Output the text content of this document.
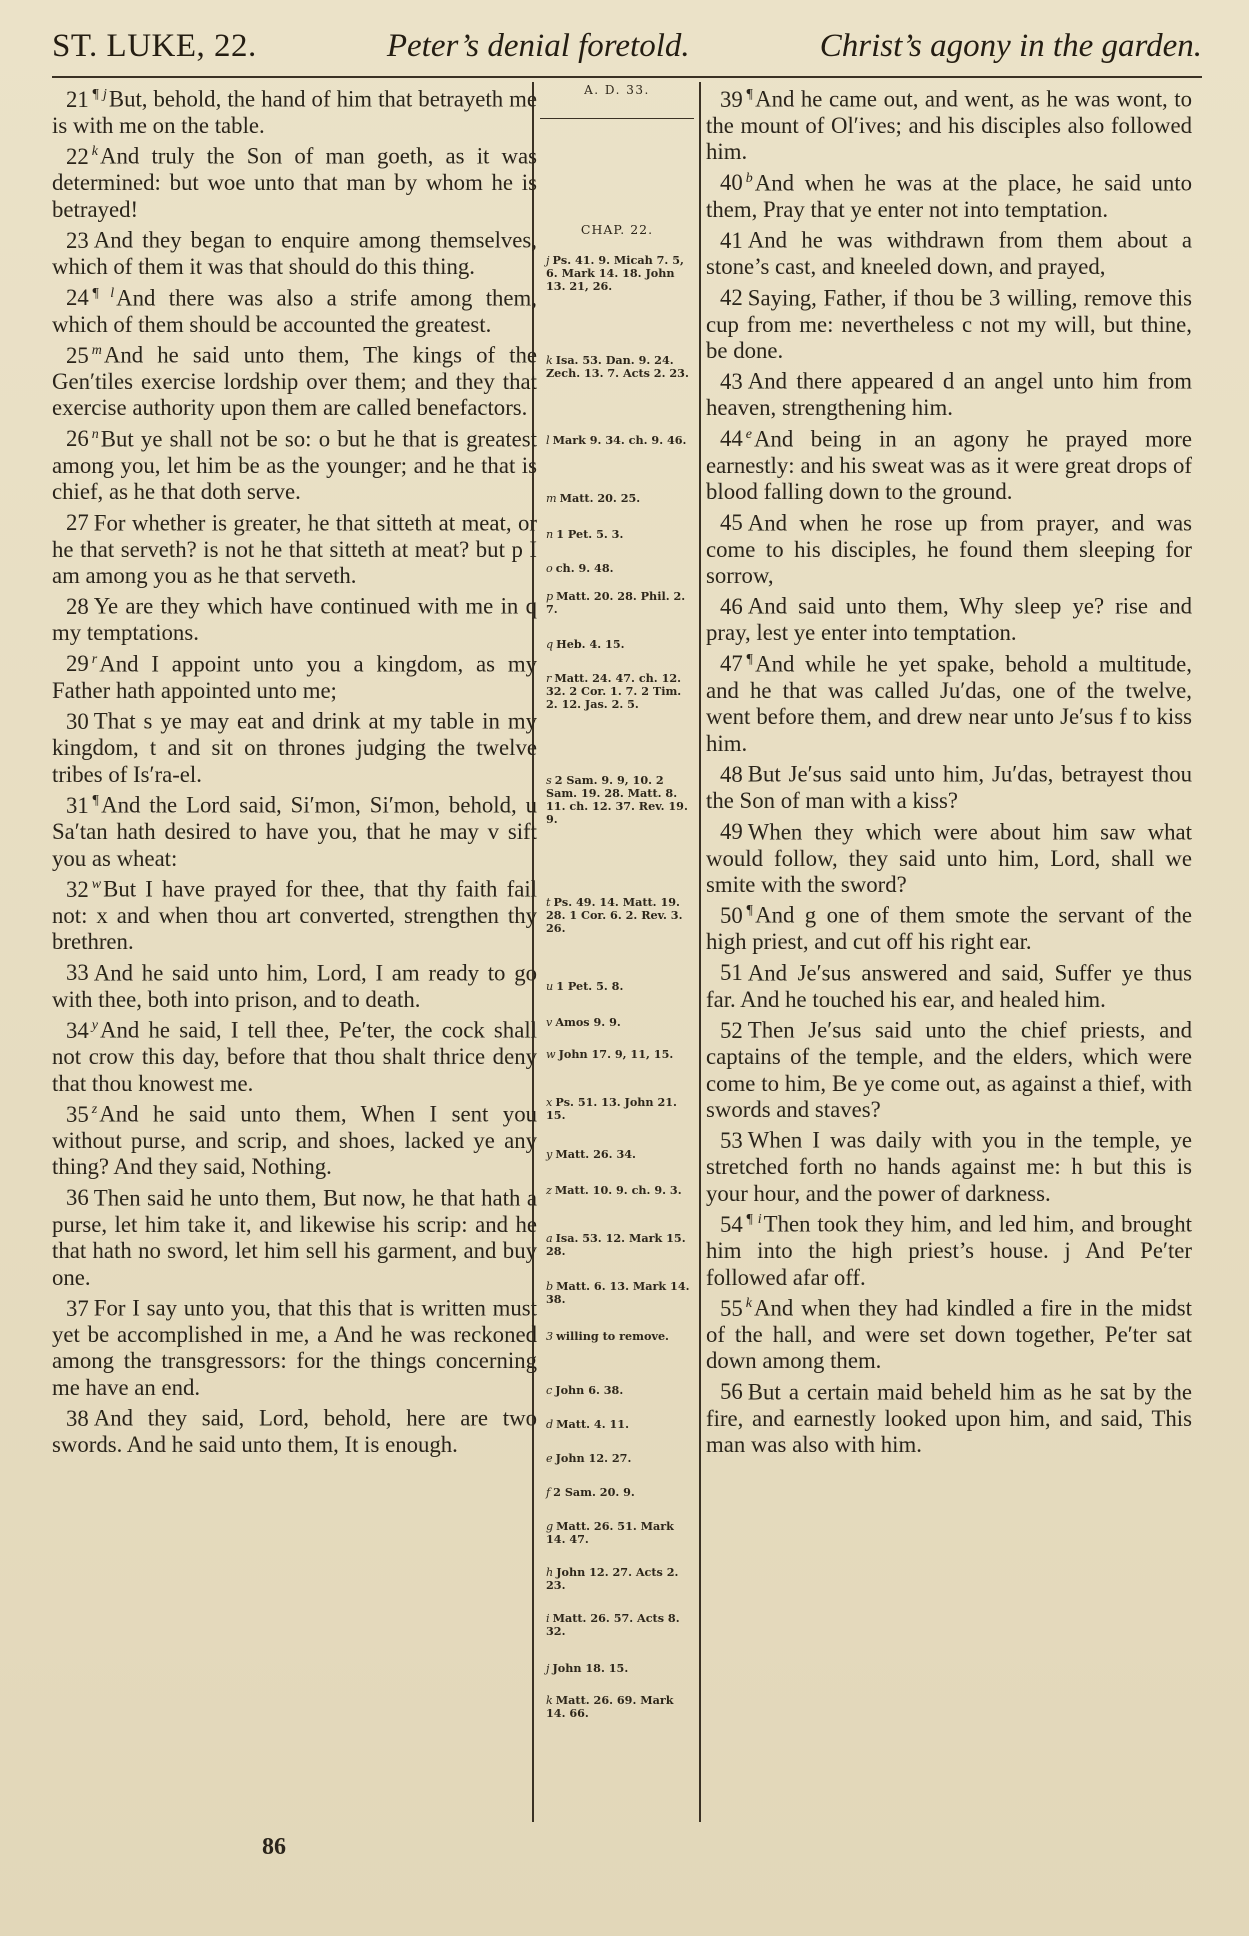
ST. LUKE, 22.	Peter’s denial foretold.	Christ’s agony in the garden.

21 $^{\P j}$But, behold, the hand of him that betrayeth me is with me on the table.

22 $^k$And truly the Son of man goeth, as it was determined: but woe unto that man by whom he is betrayed!

23 And they began to enquire among themselves, which of them it was that should do this thing.

24 $^{\P l}$And there was also a strife among them, which of them should be accounted the greatest.

25 $^m$And he said unto them, The kings of the Gen′tiles exercise lordship over them; and they that exercise authority upon them are called benefactors.

26 $^n$But ye shall not be so: o but he that is greatest among you, let him be as the younger; and he that is chief, as he that doth serve.

27 For whether is greater, he that sitteth at meat, or he that serveth? is not he that sitteth at meat? but p I am among you as he that serveth.

28 Ye are they which have continued with me in q my temptations.

29 $^r$And I appoint unto you a kingdom, as my Father hath appointed unto me;

30 That s ye may eat and drink at my table in my kingdom, t and sit on thrones judging the twelve tribes of Is′ra-el.

31 ¶And the Lord said, Si′mon, Si′mon, behold, u Sa′tan hath desired to have you, that he may v sift you as wheat:

32 $^w$But I have prayed for thee, that thy faith fail not: x and when thou art converted, strengthen thy brethren.

33 And he said unto him, Lord, I am ready to go with thee, both into prison, and to death.

34 $^y$And he said, I tell thee, Pe′ter, the cock shall not crow this day, before that thou shalt thrice deny that thou knowest me.

35 $^z$And he said unto them, When I sent you without purse, and scrip, and shoes, lacked ye any thing? And they said, Nothing.

36 Then said he unto them, But now, he that hath a purse, let him take it, and likewise his scrip: and he that hath no sword, let him sell his garment, and buy one.

37 For I say unto you, that this that is written must yet be accomplished in me, a And he was reckoned among the transgressors: for the things concerning me have an end.

38 And they said, Lord, behold, here are two swords. And he said unto them, It is enough.

A. D. 33.
CHAP. 22.
j Ps. 41. 9. Micah 7. 5, 6. Mark 14. 18. John 13. 21, 26.
k Isa. 53. Dan. 9. 24. Zech. 13. 7. Acts 2. 23.
l Mark 9. 34. ch. 9. 46.
m Matt. 20. 25.
n 1 Pet. 5. 3.
o ch. 9. 48.
p Matt. 20. 28. Phil. 2. 7.
q Heb. 4. 15.
r Matt. 24. 47. ch. 12. 32. 2 Cor. 1. 7. 2 Tim. 2. 12. Jas. 2. 5.
s 2 Sam. 9. 9, 10. 2 Sam. 19. 28. Matt. 8. 11. ch. 12. 37. Rev. 19. 9.
t Ps. 49. 14. Matt. 19. 28. 1 Cor. 6. 2. Rev. 3. 26.
u 1 Pet. 5. 8.
v Amos 9. 9.
w John 17. 9, 11, 15.
x Ps. 51. 13. John 21. 15.
y Matt. 26. 34.
z Matt. 10. 9. ch. 9. 3.
a Isa. 53. 12. Mark 15. 28.
b Matt. 6. 13. Mark 14. 38.
3 willing to remove.
c John 6. 38.
d Matt. 4. 11.
e John 12. 27.
f 2 Sam. 20. 9.
g Matt. 26. 51. Mark 14. 47.
h John 12. 27. Acts 2. 23.
i Matt. 26. 57. Acts 8. 32.
j John 18. 15.
k Matt. 26. 69. Mark 14. 66.

39 ¶And he came out, and went, as he was wont, to the mount of Ol′ives; and his disciples also followed him.

40 $^b$And when he was at the place, he said unto them, Pray that ye enter not into temptation.

41 And he was withdrawn from them about a stone’s cast, and kneeled down, and prayed,

42 Saying, Father, if thou be 3 willing, remove this cup from me: nevertheless c not my will, but thine, be done.

43 And there appeared d an angel unto him from heaven, strengthening him.

44 $^e$And being in an agony he prayed more earnestly: and his sweat was as it were great drops of blood falling down to the ground.

45 And when he rose up from prayer, and was come to his disciples, he found them sleeping for sorrow,

46 And said unto them, Why sleep ye? rise and pray, lest ye enter into temptation.

47 ¶And while he yet spake, behold a multitude, and he that was called Ju′das, one of the twelve, went before them, and drew near unto Je′sus f to kiss him.

48 But Je′sus said unto him, Ju′das, betrayest thou the Son of man with a kiss?

49 When they which were about him saw what would follow, they said unto him, Lord, shall we smite with the sword?

50 ¶And g one of them smote the servant of the high priest, and cut off his right ear.

51 And Je′sus answered and said, Suffer ye thus far. And he touched his ear, and healed him.

52 Then Je′sus said unto the chief priests, and captains of the temple, and the elders, which were come to him, Be ye come out, as against a thief, with swords and staves?

53 When I was daily with you in the temple, ye stretched forth no hands against me: h but this is your hour, and the power of darkness.

54 $^{\P i}$Then took they him, and led him, and brought him into the high priest’s house. j And Pe′ter followed afar off.

55 $^k$And when they had kindled a fire in the midst of the hall, and were set down together, Pe′ter sat down among them.

56 But a certain maid beheld him as he sat by the fire, and earnestly looked upon him, and said, This man was also with him.

86
